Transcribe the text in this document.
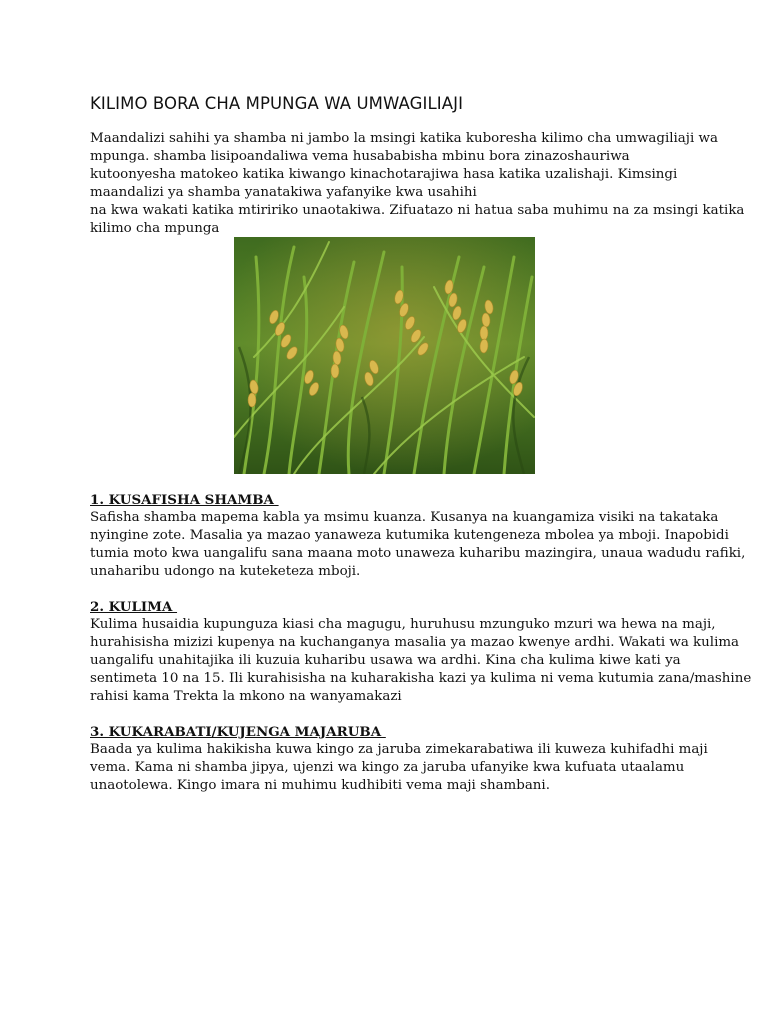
KILIMO BORA CHA MPUNGA WA UMWAGILIAJI

Maandalizi sahihi ya shamba ni jambo la msingi katika kuboresha kilimo cha umwagiliaji wa

mpunga. shamba lisipoandaliwa vema husababisha mbinu bora zinazoshauriwa

kutoonyesha matokeo katika kiwango kinachotarajiwa hasa katika uzalishaji. Kimsingi

maandalizi ya shamba yanatakiwa yafanyike kwa usahihi

na kwa wakati katika mtiririko unaotakiwa. Zifuatazo ni hatua saba muhimu na za msingi katika

kilimo cha mpunga

1. KUSAFISHA SHAMBA

Safisha shamba mapema kabla ya msimu kuanza. Kusanya na kuangamiza visiki na takataka

nyingine zote. Masalia ya mazao yanaweza kutumika kutengeneza mbolea ya mboji. Inapobidi

tumia moto kwa uangalifu sana maana moto unaweza kuharibu mazingira, unaua wadudu rafiki,

unaharibu udongo na kuteketeza mboji.

2. KULIMA

Kulima husaidia kupunguza kiasi cha magugu, huruhusu mzunguko mzuri wa hewa na maji,

hurahisisha mizizi kupenya na kuchanganya masalia ya mazao kwenye ardhi. Wakati wa kulima

uangalifu unahitajika ili kuzuia kuharibu usawa wa ardhi. Kina cha kulima kiwe kati ya

sentimeta 10 na 15. Ili kurahisisha na kuharakisha kazi ya kulima ni vema kutumia zana/mashine

rahisi kama Trekta la mkono na wanyamakazi

3. KUKARABATI/KUJENGA MAJARUBA

Baada ya kulima hakikisha kuwa kingo za jaruba zimekarabatiwa ili kuweza kuhifadhi maji

vema. Kama ni shamba jipya, ujenzi wa kingo za jaruba ufanyike kwa kufuata utaalamu

unaotolewa. Kingo imara ni muhimu kudhibiti vema maji shambani.
